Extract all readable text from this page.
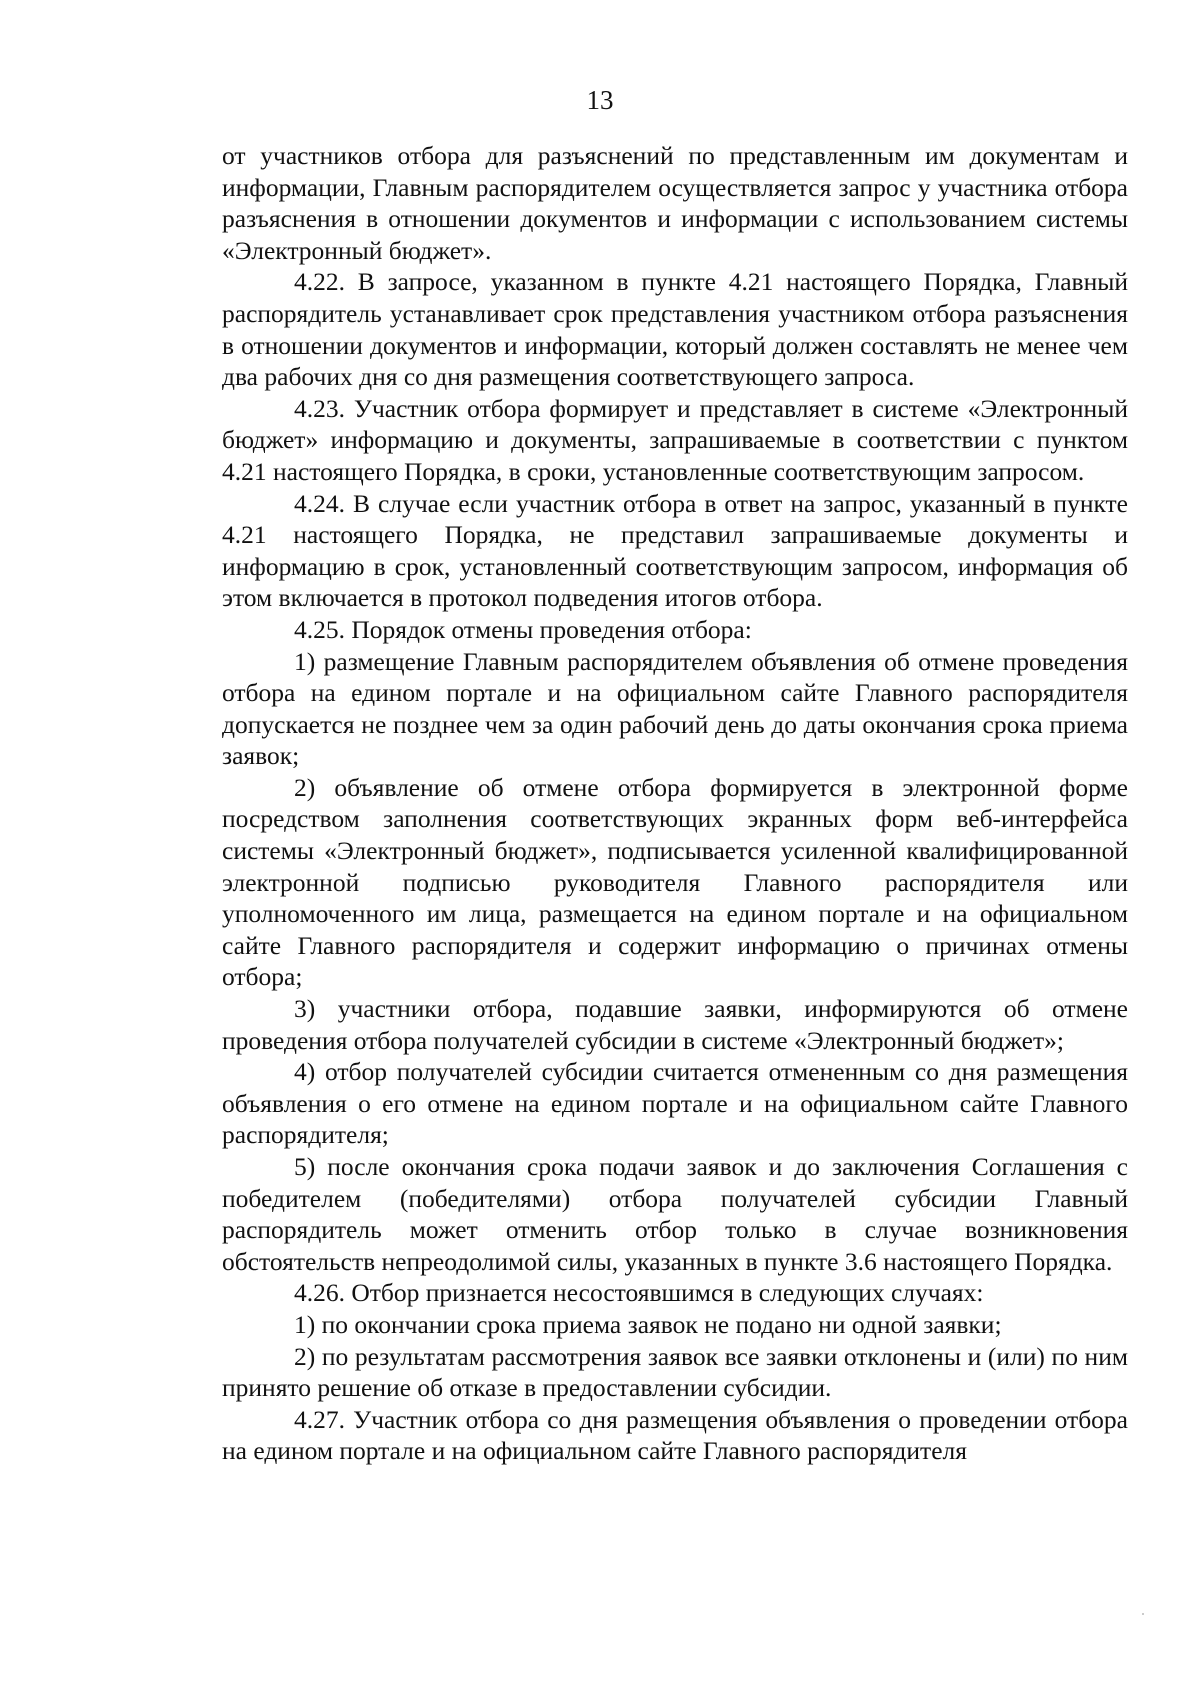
13

от участников отбора для разъяснений по представленным им документам и информации, Главным распорядителем осуществляется запрос у участника отбора разъяснения в отношении документов и информации с использованием системы «Электронный бюджет».

4.22. В запросе, указанном в пункте 4.21 настоящего Порядка, Главный распорядитель устанавливает срок представления участником отбора разъяснения в отношении документов и информации, который должен составлять не менее чем два рабочих дня со дня размещения соответствующего запроса.

4.23. Участник отбора формирует и представляет в системе «Электронный бюджет» информацию и документы, запрашиваемые в соответствии с пунктом 4.21 настоящего Порядка, в сроки, установленные соответствующим запросом.

4.24. В случае если участник отбора в ответ на запрос, указанный в пункте 4.21 настоящего Порядка, не представил запрашиваемые документы и информацию в срок, установленный соответствующим запросом, информация об этом включается в протокол подведения итогов отбора.

4.25. Порядок отмены проведения отбора:

1) размещение Главным распорядителем объявления об отмене проведения отбора на едином портале и на официальном сайте Главного распорядителя допускается не позднее чем за один рабочий день до даты окончания срока приема заявок;

2) объявление об отмене отбора формируется в электронной форме посредством заполнения соответствующих экранных форм веб-интерфейса системы «Электронный бюджет», подписывается усиленной квалифицированной электронной подписью руководителя Главного распорядителя или уполномоченного им лица, размещается на едином портале и на официальном сайте Главного распорядителя и содержит информацию о причинах отмены отбора;

3) участники отбора, подавшие заявки, информируются об отмене проведения отбора получателей субсидии в системе «Электронный бюджет»;

4) отбор получателей субсидии считается отмененным со дня размещения объявления о его отмене на едином портале и на официальном сайте Главного распорядителя;

5) после окончания срока подачи заявок и до заключения Соглашения с победителем (победителями) отбора получателей субсидии Главный распорядитель может отменить отбор только в случае возникновения обстоятельств непреодолимой силы, указанных в пункте 3.6 настоящего Порядка.

4.26. Отбор признается несостоявшимся в следующих случаях:

1) по окончании срока приема заявок не подано ни одной заявки;

2) по результатам рассмотрения заявок все заявки отклонены и (или) по ним принято решение об отказе в предоставлении субсидии.

4.27. Участник отбора со дня размещения объявления о проведении отбора на едином портале и на официальном сайте Главного распорядителя
